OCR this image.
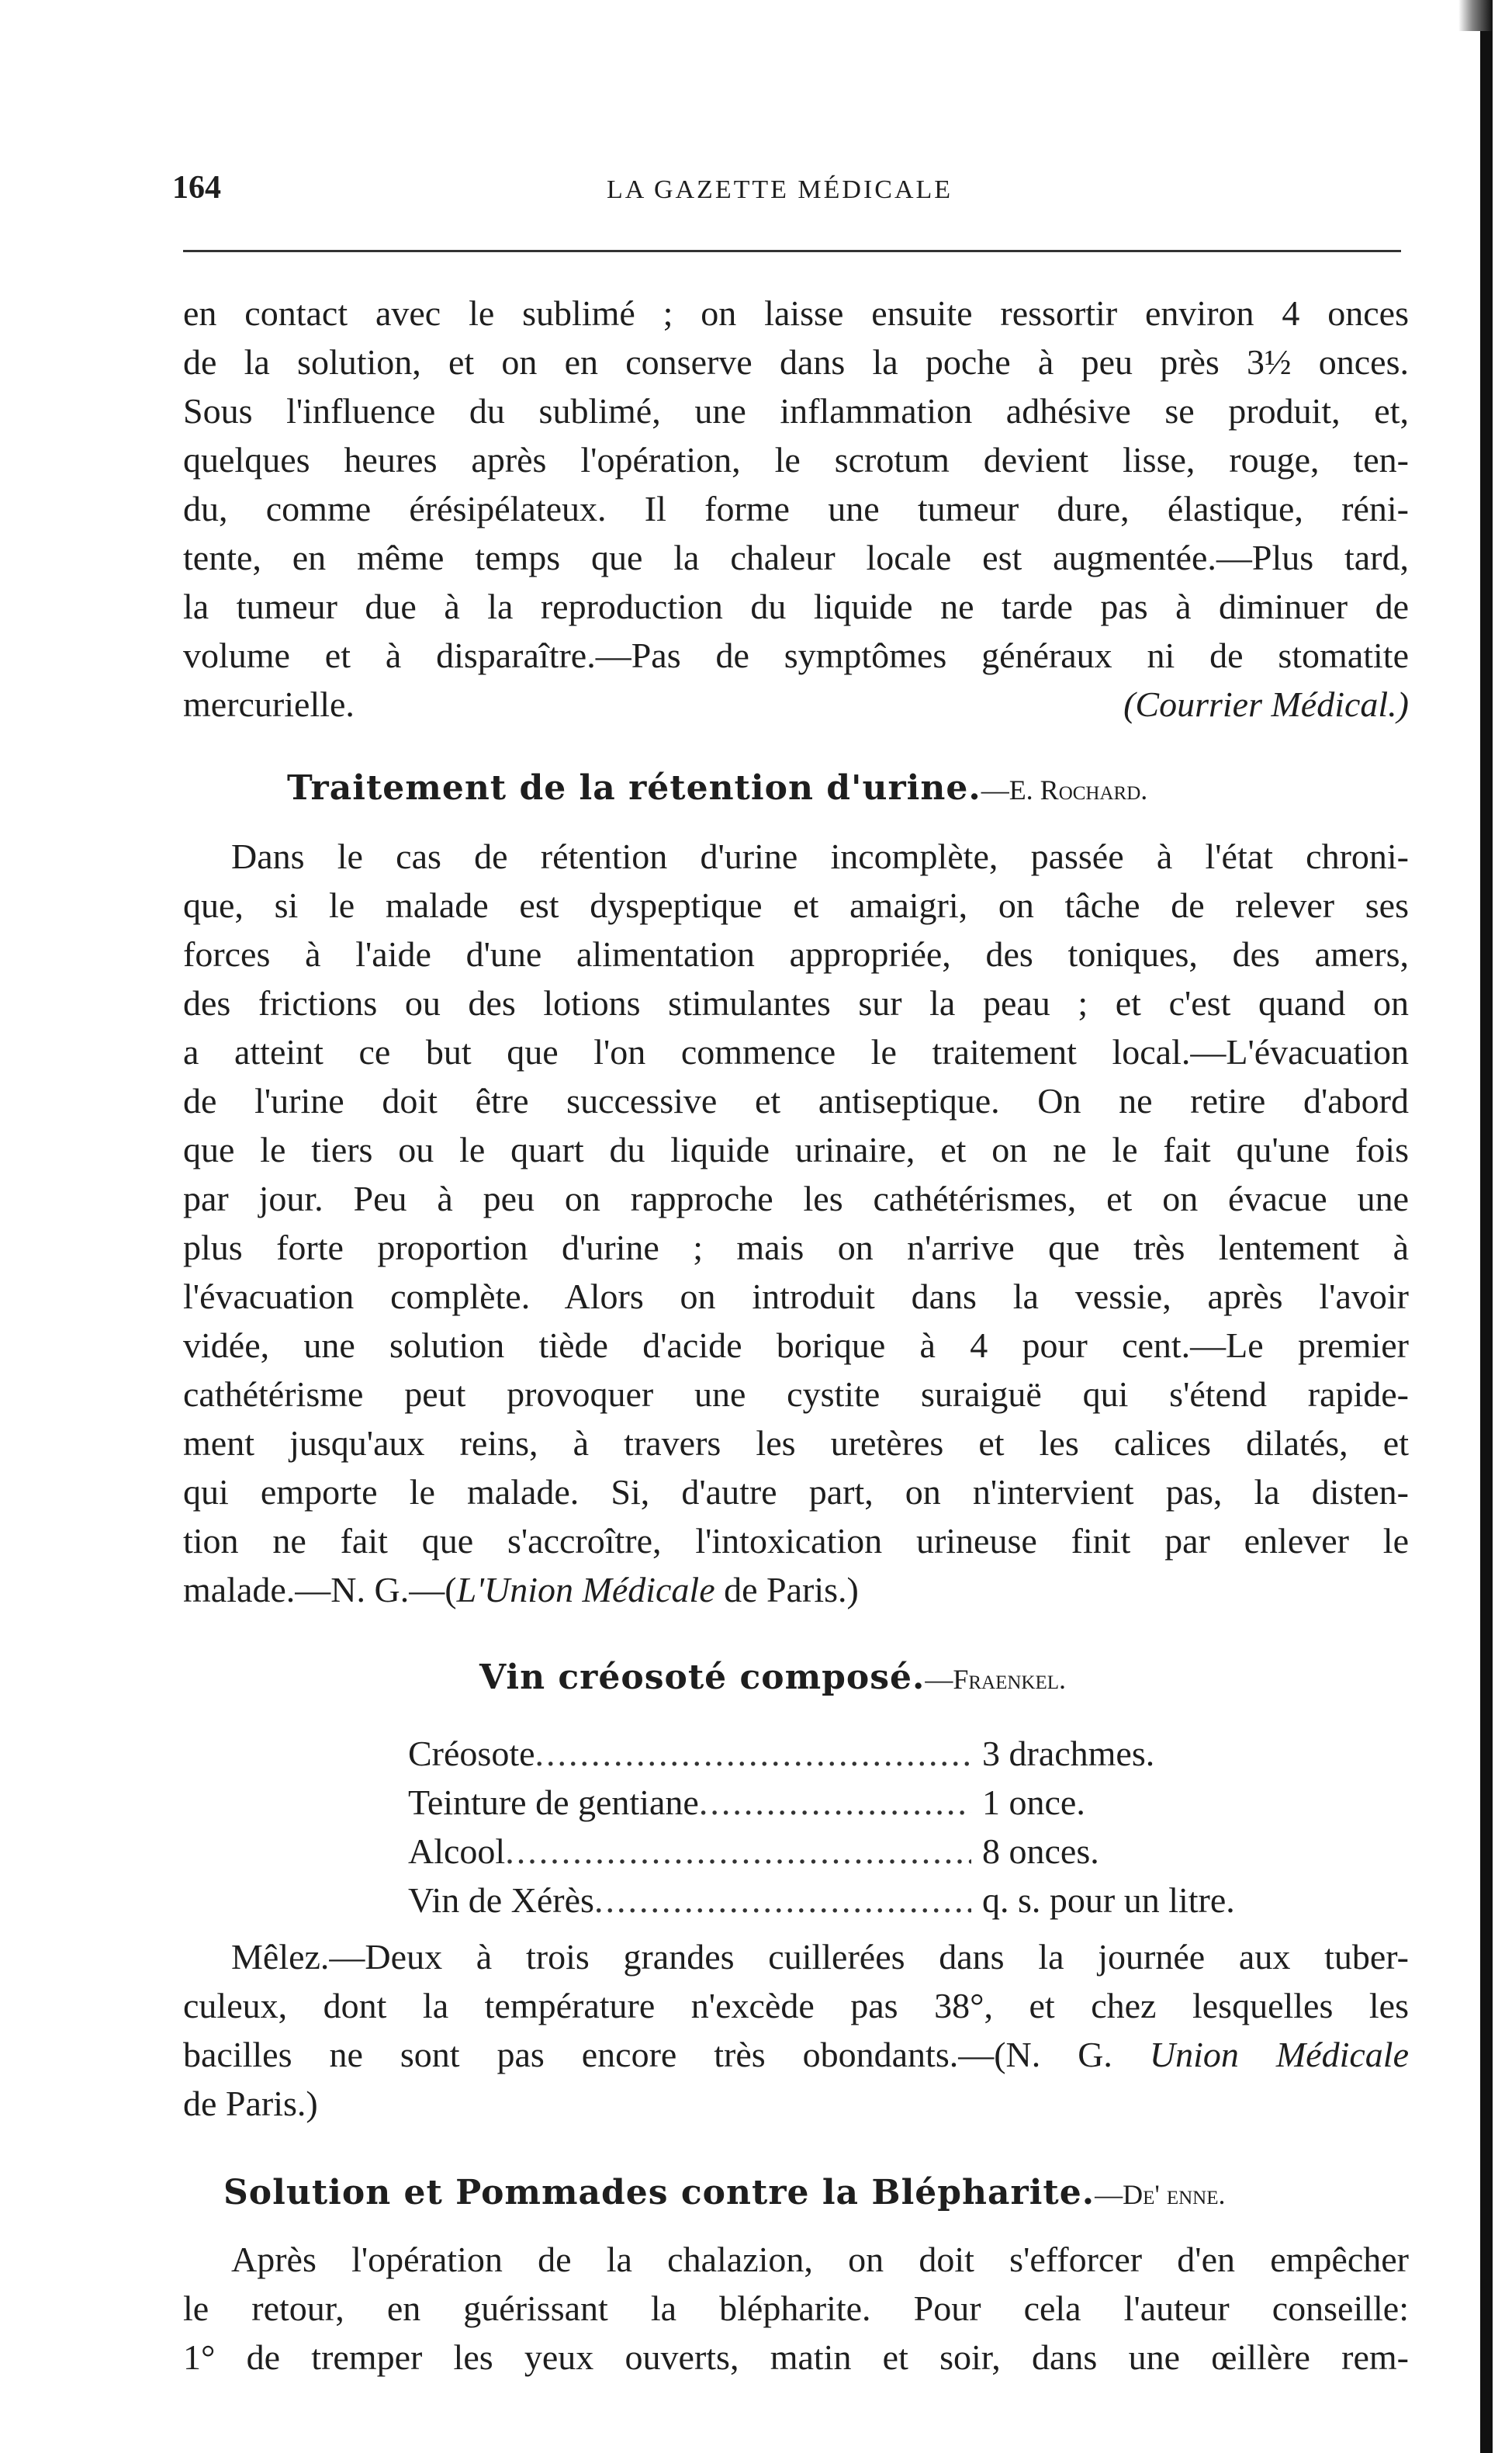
164	LA GAZETTE MÉDICALE
en contact avec le sublimé ; on laisse ensuite ressortir environ 4 onces
de la solution, et on en conserve dans la poche à peu près 3½ onces.
Sous l'influence du sublimé, une inflammation adhésive se produit, et,
quelques heures après l'opération, le scrotum devient lisse, rouge, ten-
du, comme érésipélateux. Il forme une tumeur dure, élastique, réni-
tente, en même temps que la chaleur locale est augmentée.—Plus tard,
la tumeur due à la reproduction du liquide ne tarde pas à diminuer de
volume et à disparaître.—Pas de symptômes généraux ni de stomatite
mercurielle.	(Courrier Médical.)
Traitement de la rétention d'urine.—E. Rochard.
Dans le cas de rétention d'urine incomplète, passée à l'état chroni-
que, si le malade est dyspeptique et amaigri, on tâche de relever ses
forces à l'aide d'une alimentation appropriée, des toniques, des amers,
des frictions ou des lotions stimulantes sur la peau ; et c'est quand on
a atteint ce but que l'on commence le traitement local.—L'évacuation
de l'urine doit être successive et antiseptique. On ne retire d'abord
que le tiers ou le quart du liquide urinaire, et on ne le fait qu'une fois
par jour. Peu à peu on rapproche les cathétérismes, et on évacue une
plus forte proportion d'urine ; mais on n'arrive que très lentement à
l'évacuation complète. Alors on introduit dans la vessie, après l'avoir
vidée, une solution tiède d'acide borique à 4 pour cent.—Le premier
cathétérisme peut provoquer une cystite suraiguë qui s'étend rapide-
ment jusqu'aux reins, à travers les uretères et les calices dilatés, et
qui emporte le malade. Si, d'autre part, on n'intervient pas, la disten-
tion ne fait que s'accroître, l'intoxication urineuse finit par enlever le
malade.—N. G.—(L'Union Médicale de Paris.)
Vin créosoté composé.—Fraenkel.
Créosote .....	3 drachmes.
Teinture de gentiane .....	1 once.
Alcool .....	8 onces.
Vin de Xérès .....	q. s. pour un litre.
Mêlez.—Deux à trois grandes cuillerées dans la journée aux tuber-
culeux, dont la température n'excède pas 38°, et chez lesquelles les
bacilles ne sont pas encore très obondants.—(N. G. Union Médicale
de Paris.)
Solution et Pommades contre la Blépharite.—De' enne.
Après l'opération de la chalazion, on doit s'efforcer d'en empêcher
le retour, en guérissant la blépharite. Pour cela l'auteur conseille:
1° de tremper les yeux ouverts, matin et soir, dans une œillère rem-
